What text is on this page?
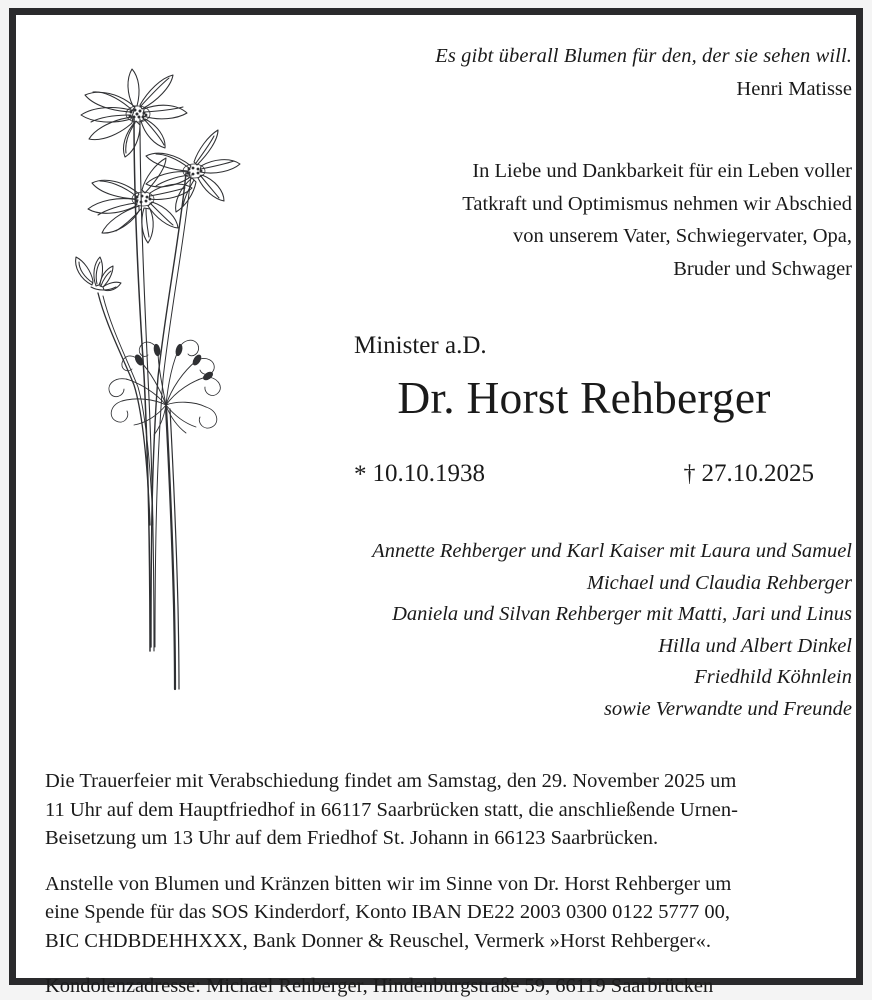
Es gibt überall Blumen für den, der sie sehen will.
Henri Matisse
In Liebe und Dankbarkeit für ein Leben voller
Tatkraft und Optimismus nehmen wir Abschied
von unserem Vater, Schwiegervater, Opa,
Bruder und Schwager
Minister a.D.
Dr. Horst Rehberger
* 10.10.1938	† 27.10.2025
Annette Rehberger und Karl Kaiser mit Laura und Samuel
Michael und Claudia Rehberger
Daniela und Silvan Rehberger mit Matti, Jari und Linus
Hilla und Albert Dinkel
Friedhild Köhnlein
sowie Verwandte und Freunde
Die Trauerfeier mit Verabschiedung findet am Samstag, den 29. November 2025 um
11 Uhr auf dem Hauptfriedhof in 66117 Saarbrücken statt, die anschließende Urnen-
Beisetzung um 13 Uhr auf dem Friedhof St. Johann in 66123 Saarbrücken.
Anstelle von Blumen und Kränzen bitten wir im Sinne von Dr. Horst Rehberger um
eine Spende für das SOS Kinderdorf, Konto IBAN DE22 2003 0300 0122 5777 00,
BIC CHDBDEHHXXX, Bank Donner & Reuschel, Vermerk »Horst Rehberger«.
Kondolenzadresse: Michael Rehberger, Hindenburgstraße 59, 66119 Saarbrücken
